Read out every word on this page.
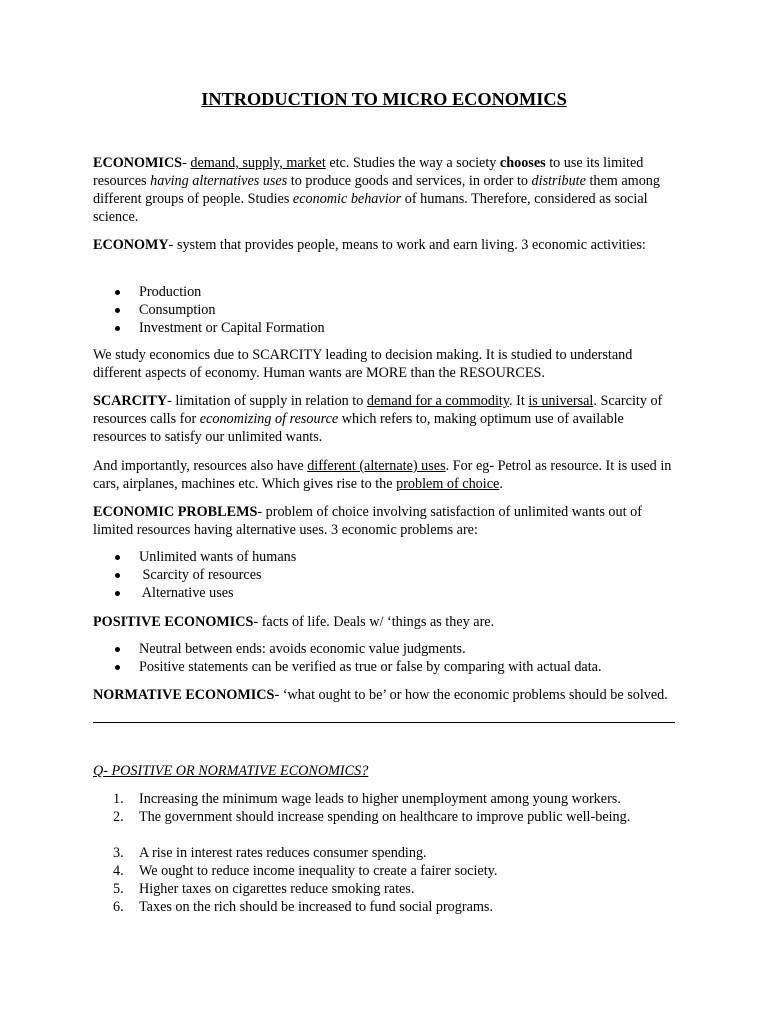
INTRODUCTION TO MICRO ECONOMICS

ECONOMICS- demand, supply, market etc. Studies the way a society chooses to use its limited resources having alternatives uses to produce goods and services, in order to distribute them among different groups of people. Studies economic behavior of humans. Therefore, considered as social science.

ECONOMY- system that provides people, means to work and earn living. 3 economic activities:

Production
Consumption
Investment or Capital Formation

We study economics due to SCARCITY leading to decision making. It is studied to understand different aspects of economy. Human wants are MORE than the RESOURCES.

SCARCITY- limitation of supply in relation to demand for a commodity. It is universal. Scarcity of resources calls for economizing of resource which refers to, making optimum use of available resources to satisfy our unlimited wants.

And importantly, resources also have different (alternate) uses. For eg- Petrol as resource. It is used in cars, airplanes, machines etc. Which gives rise to the problem of choice.

ECONOMIC PROBLEMS- problem of choice involving satisfaction of unlimited wants out of limited resources having alternative uses. 3 economic problems are:

Unlimited wants of humans
Scarcity of resources
Alternative uses

POSITIVE ECONOMICS- facts of life. Deals w/ ‘things as they are.

Neutral between ends: avoids economic value judgments.
Positive statements can be verified as true or false by comparing with actual data.

NORMATIVE ECONOMICS- ‘what ought to be’ or how the economic problems should be solved.

Q- POSITIVE OR NORMATIVE ECONOMICS?

1. Increasing the minimum wage leads to higher unemployment among young workers.
2. The government should increase spending on healthcare to improve public well-being.
3. A rise in interest rates reduces consumer spending.
4. We ought to reduce income inequality to create a fairer society.
5. Higher taxes on cigarettes reduce smoking rates.
6. Taxes on the rich should be increased to fund social programs.
